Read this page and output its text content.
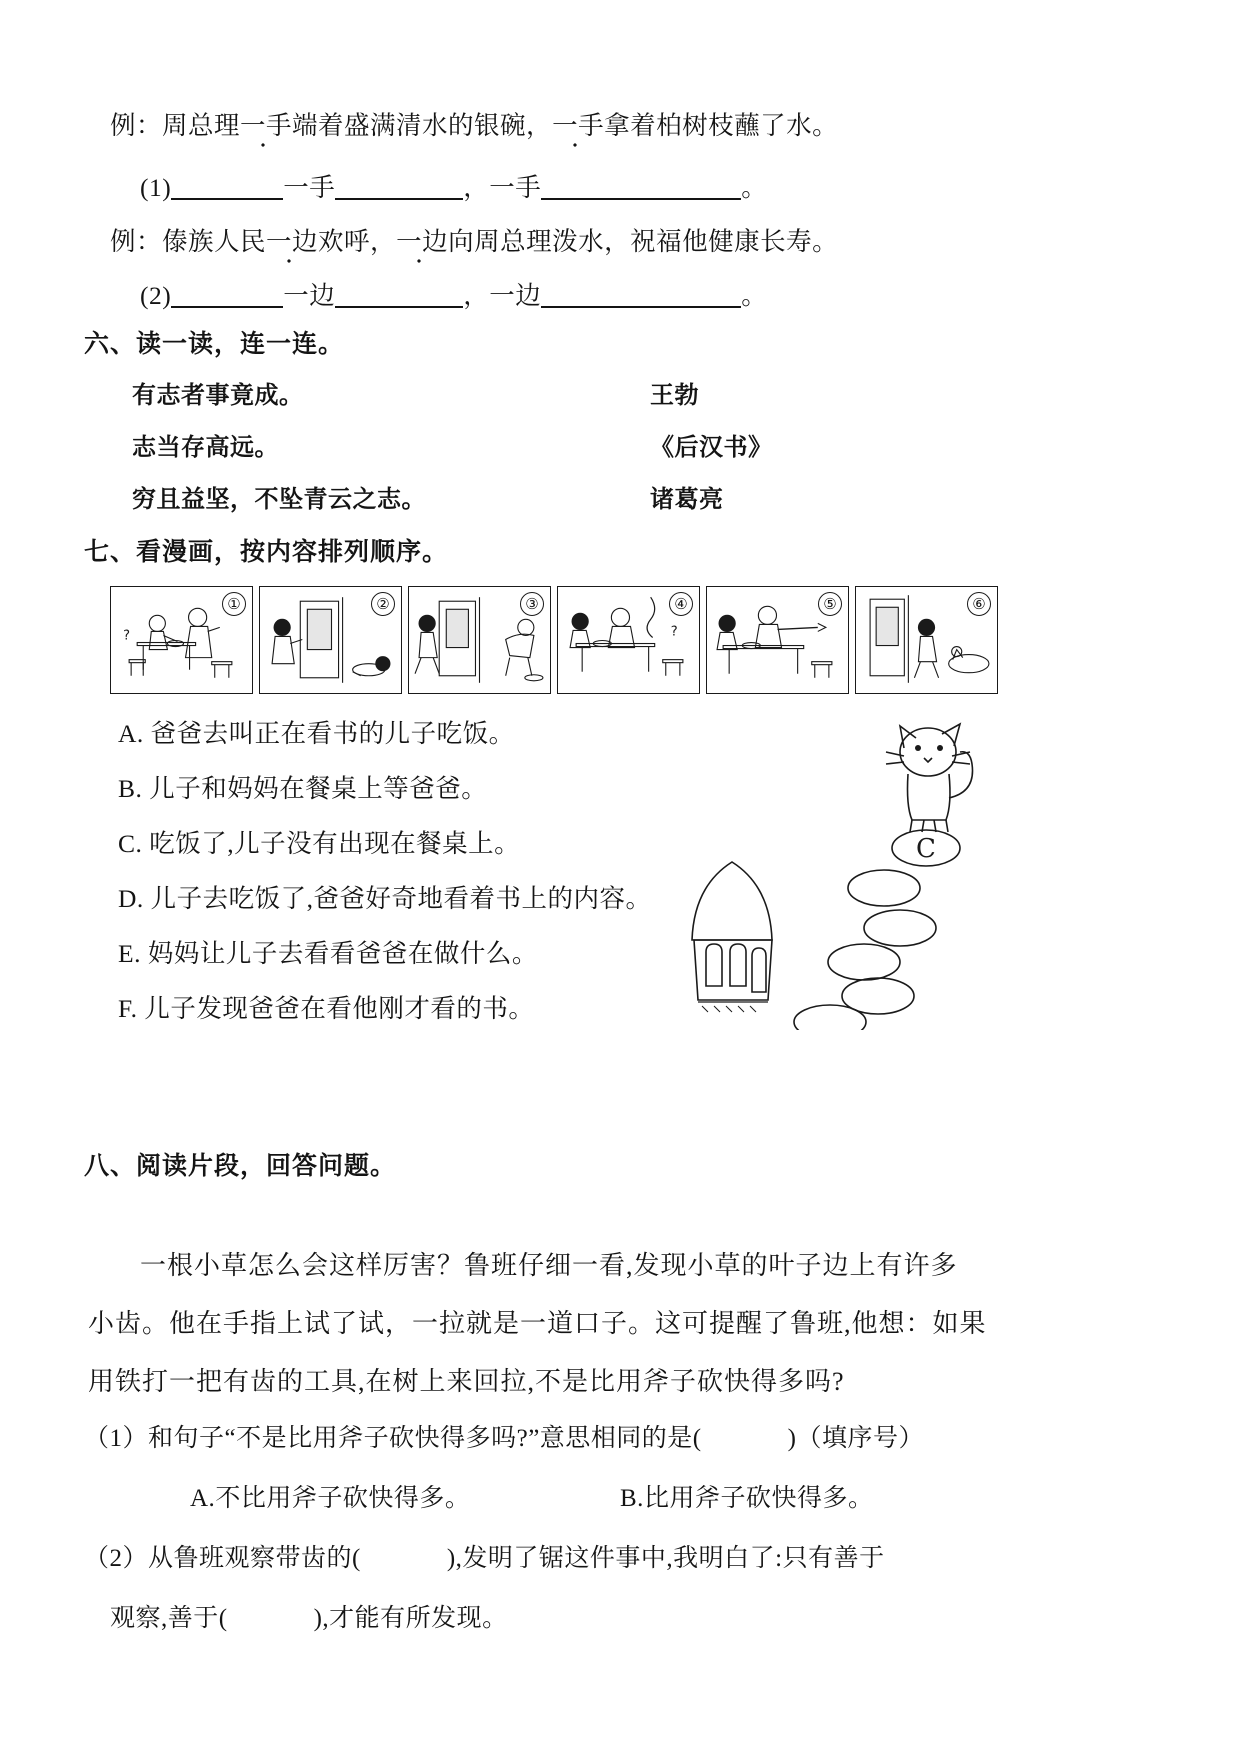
例：周总理一手端着盛满清水的银碗，一手拿着柏树枝蘸了水。
(1)	一手	，一手	。
例：傣族人民一边欢呼，一边向周总理泼水，祝福他健康长寿。
(2)	一边	，一边	。
六、读一读，连一连。
有志者事竟成。	王勃
志当存高远。	《后汉书》
穷且益坚，不坠青云之志。	诸葛亮
七、看漫画，按内容排列顺序。
①
?
②	③	④
?
⑤	⑥
A. 爸爸去叫正在看书的儿子吃饭。
B. 儿子和妈妈在餐桌上等爸爸。
C. 吃饭了,儿子没有出现在餐桌上。
D. 儿子去吃饭了,爸爸好奇地看着书上的内容。
E. 妈妈让儿子去看看爸爸在做什么。
F. 儿子发现爸爸在看他刚才看的书。
C
八、阅读片段，回答问题。
一根小草怎么会这样厉害？鲁班仔细一看,发现小草的叶子边上有许多
小齿。他在手指上试了试，一拉就是一道口子。这可提醒了鲁班,他想：如果
用铁打一把有齿的工具,在树上来回拉,不是比用斧子砍快得多吗?
（1）和句子“不是比用斧子砍快得多吗?”意思相同的是(	)（填序号）
A.不比用斧子砍快得多。	B.比用斧子砍快得多。
（2）从鲁班观察带齿的(	),发明了锯这件事中,我明白了:只有善于
观察,善于(	),才能有所发现。
